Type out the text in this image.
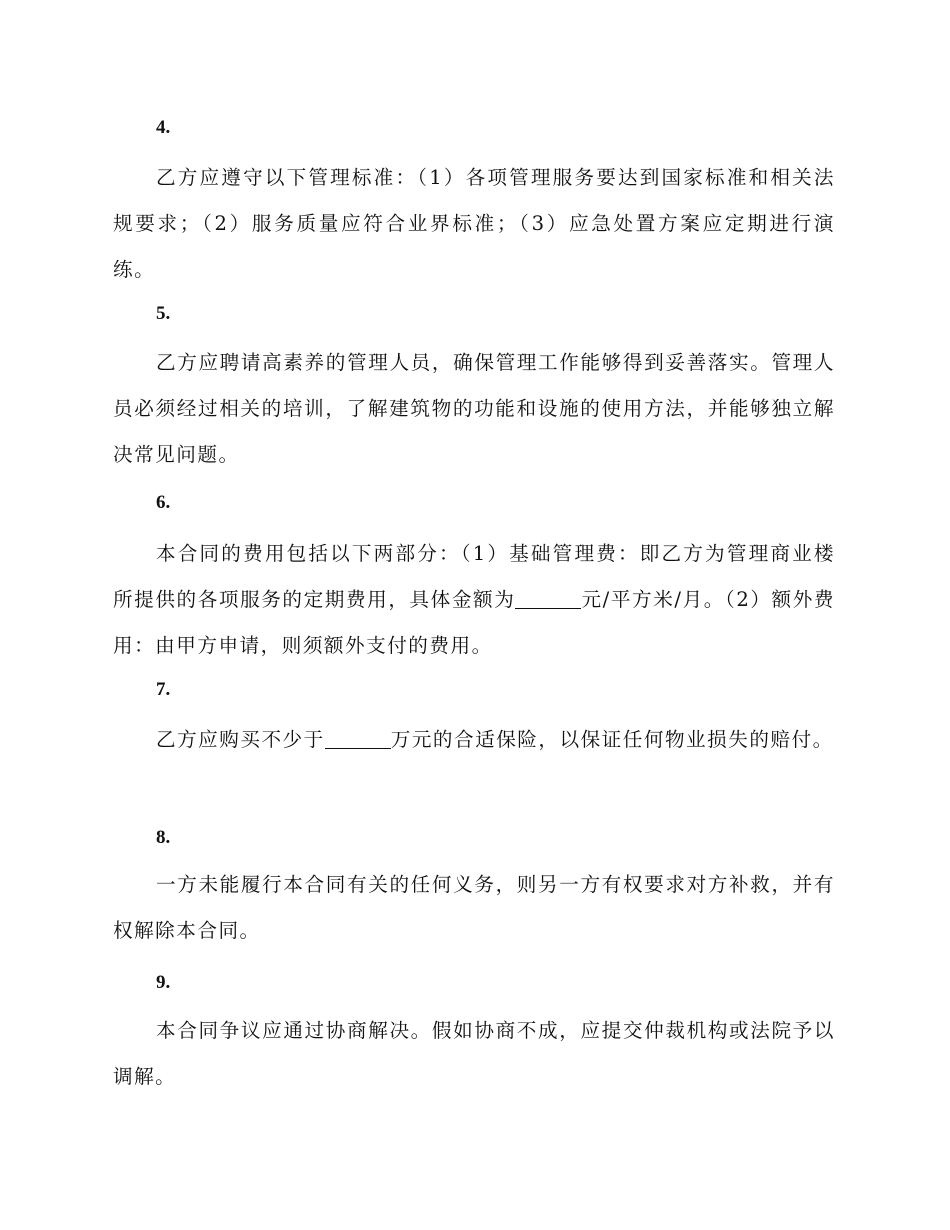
4.

乙方应遵守以下管理标准：（1）各项管理服务要达到国家标准和相关法规要求；（2）服务质量应符合业界标准；（3）应急处置方案应定期进行演练。

5.

乙方应聘请高素养的管理人员，确保管理工作能够得到妥善落实。管理人员必须经过相关的培训，了解建筑物的功能和设施的使用方法，并能够独立解决常见问题。

6.

本合同的费用包括以下两部分：（1）基础管理费：即乙方为管理商业楼所提供的各项服务的定期费用，具体金额为	元/平方米/月。（2）额外费用：由甲方申请，则须额外支付的费用。

7.

乙方应购买不少于	万元的合适保险，以保证任何物业损失的赔付。

8.

一方未能履行本合同有关的任何义务，则另一方有权要求对方补救，并有权解除本合同。

9.

本合同争议应通过协商解决。假如协商不成，应提交仲裁机构或法院予以调解。
